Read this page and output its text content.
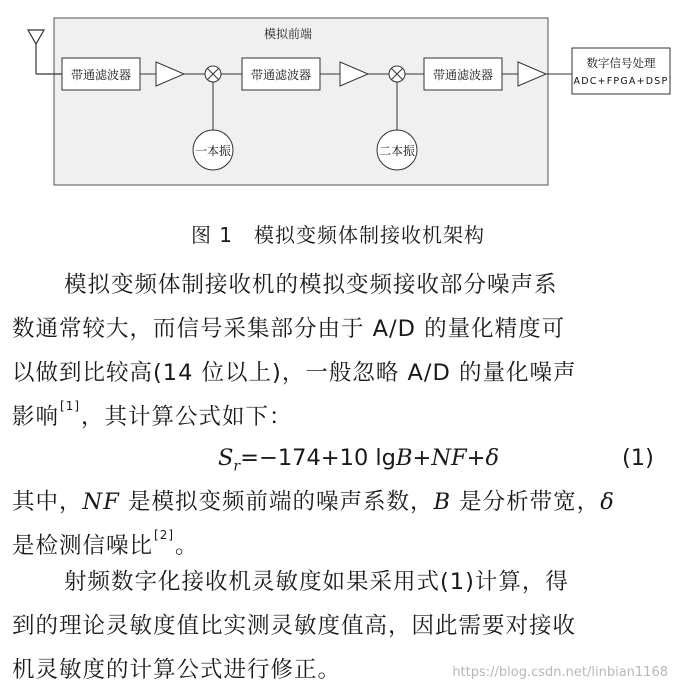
模拟前端
带通滤波器
一本振
带通滤波器
二本振
带通滤波器
数字信号处理
ADC+FPGA+DSP
图 1　模拟变频体制接收机架构
模拟变频体制接收机的模拟变频接收部分噪声系
数通常较大，而信号采集部分由于 A/D 的量化精度可
以做到比较高(14 位以上)，一般忽略 A/D 的量化噪声
影响[1]，其计算公式如下：
$S_r=-174+10$ lgB+NF+δ	(1)
其中，NF 是模拟变频前端的噪声系数，B 是分析带宽，δ
是检测信噪比[2]。
射频数字化接收机灵敏度如果采用式(1)计算，得
到的理论灵敏度值比实测灵敏度值高，因此需要对接收
机灵敏度的计算公式进行修正。	https://blog.csdn.net/linbian1168
